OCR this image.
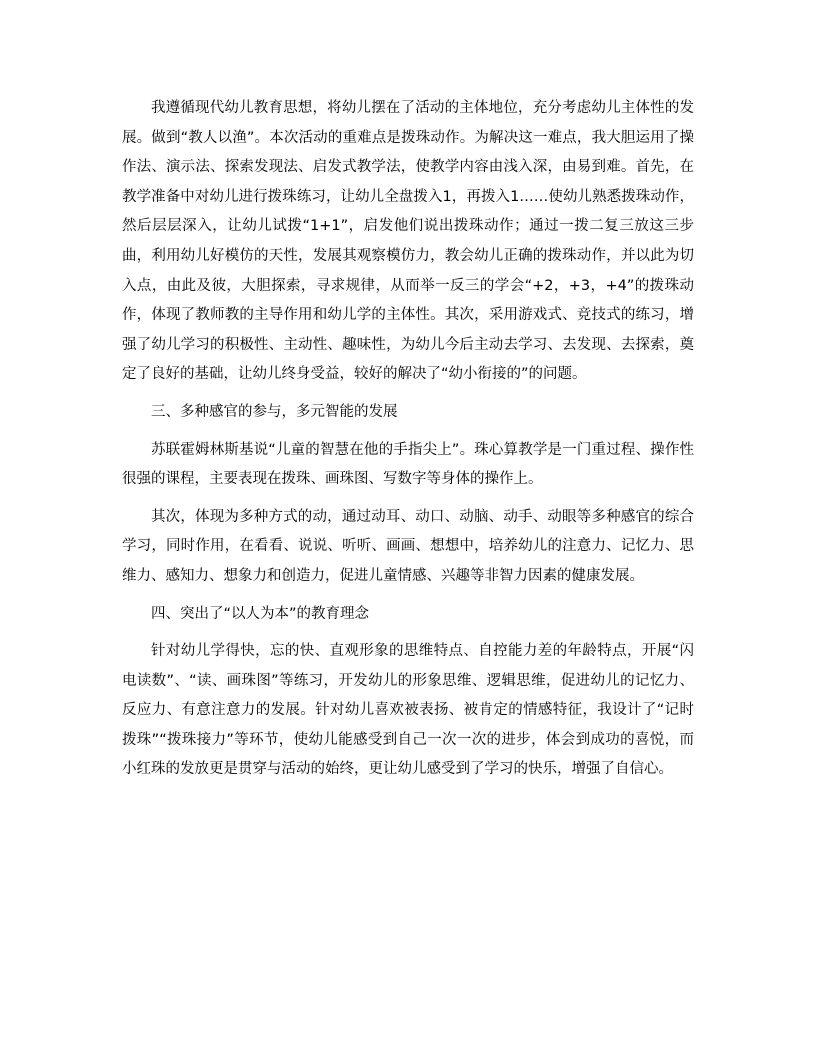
我遵循现代幼儿教育思想，将幼儿摆在了活动的主体地位，充分考虑幼儿主体性的发展。做到“教人以渔”。本次活动的重难点是拨珠动作。为解决这一难点，我大胆运用了操作法、演示法、探索发现法、启发式教学法，使教学内容由浅入深，由易到难。首先，在教学准备中对幼儿进行拨珠练习，让幼儿全盘拨入1，再拨入1……使幼儿熟悉拨珠动作，然后层层深入，让幼儿试拨“1+1”，启发他们说出拨珠动作；通过一拨二复三放这三步曲，利用幼儿好模仿的天性，发展其观察模仿力，教会幼儿正确的拨珠动作，并以此为切入点，由此及彼，大胆探索，寻求规律，从而举一反三的学会“+2，+3，+4”的拨珠动作，体现了教师教的主导作用和幼儿学的主体性。其次，采用游戏式、竞技式的练习，增强了幼儿学习的积极性、主动性、趣味性，为幼儿今后主动去学习、去发现、去探索，奠定了良好的基础，让幼儿终身受益，较好的解决了“幼小衔接的”的问题。

三、多种感官的参与，多元智能的发展

苏联霍姆林斯基说“儿童的智慧在他的手指尖上”。珠心算教学是一门重过程、操作性很强的课程，主要表现在拨珠、画珠图、写数字等身体的操作上。

其次，体现为多种方式的动，通过动耳、动口、动脑、动手、动眼等多种感官的综合学习，同时作用，在看看、说说、听听、画画、想想中，培养幼儿的注意力、记忆力、思维力、感知力、想象力和创造力，促进儿童情感、兴趣等非智力因素的健康发展。

四、突出了“以人为本”的教育理念

针对幼儿学得快，忘的快、直观形象的思维特点、自控能力差的年龄特点，开展“闪电读数”、“读、画珠图”等练习，开发幼儿的形象思维、逻辑思维，促进幼儿的记忆力、反应力、有意注意力的发展。针对幼儿喜欢被表扬、被肯定的情感特征，我设计了“记时拨珠”“拨珠接力”等环节，使幼儿能感受到自己一次一次的进步，体会到成功的喜悦，而小红珠的发放更是贯穿与活动的始终，更让幼儿感受到了学习的快乐，增强了自信心。
